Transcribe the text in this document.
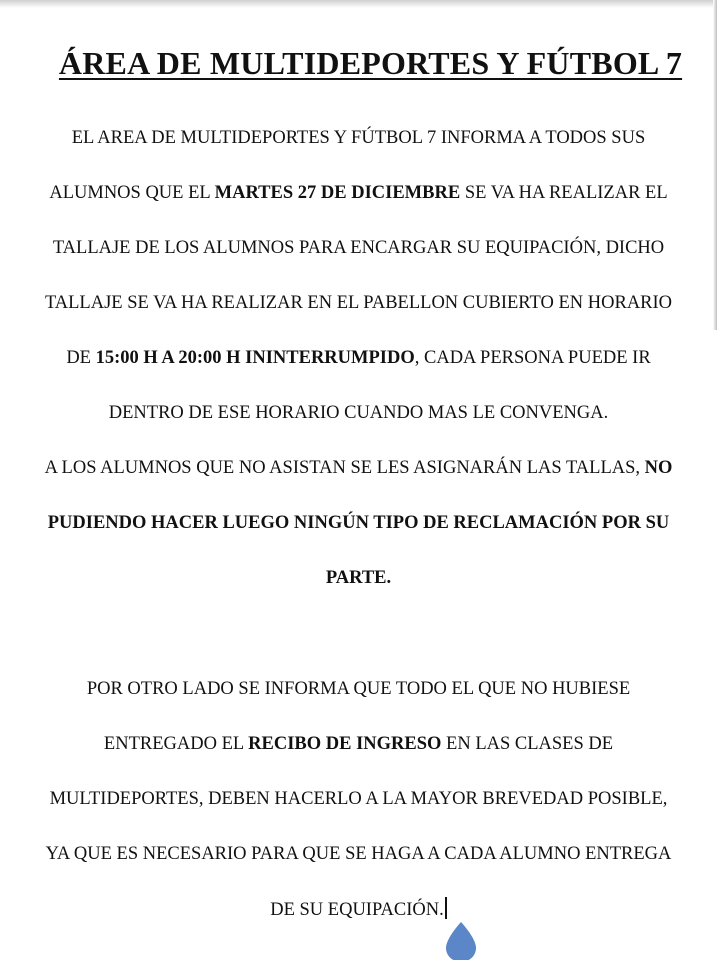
ÁREA DE MULTIDEPORTES Y FÚTBOL 7
EL AREA DE MULTIDEPORTES Y FÚTBOL 7 INFORMA A TODOS SUS
ALUMNOS QUE EL MARTES 27 DE DICIEMBRE SE VA HA REALIZAR EL
TALLAJE DE LOS ALUMNOS PARA ENCARGAR SU EQUIPACIÓN, DICHO
TALLAJE SE VA HA REALIZAR EN EL PABELLON CUBIERTO EN HORARIO
DE 15:00 H A 20:00 H ININTERRUMPIDO, CADA PERSONA PUEDE IR
DENTRO DE ESE HORARIO CUANDO MAS LE CONVENGA.
A LOS ALUMNOS QUE NO ASISTAN SE LES ASIGNARÁN LAS TALLAS, NO
PUDIENDO HACER LUEGO NINGÚN TIPO DE RECLAMACIÓN POR SU
PARTE.
POR OTRO LADO SE INFORMA QUE TODO EL QUE NO HUBIESE
ENTREGADO EL RECIBO DE INGRESO EN LAS CLASES DE
MULTIDEPORTES, DEBEN HACERLO A LA MAYOR BREVEDAD POSIBLE,
YA QUE ES NECESARIO PARA QUE SE HAGA A CADA ALUMNO ENTREGA
DE SU EQUIPACIÓN.
